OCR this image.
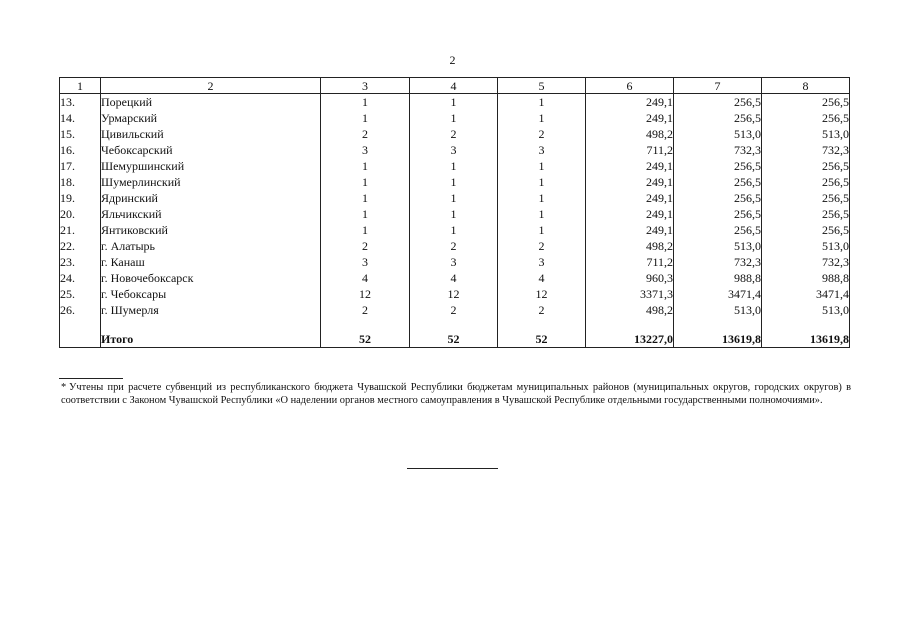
2
1	2	3	4	5	6	7	8
13.	Порецкий	1	1	1	249,1	256,5	256,5
14.	Урмарский	1	1	1	249,1	256,5	256,5
15.	Цивильский	2	2	2	498,2	513,0	513,0
16.	Чебоксарский	3	3	3	711,2	732,3	732,3
17.	Шемуршинский	1	1	1	249,1	256,5	256,5
18.	Шумерлинский	1	1	1	249,1	256,5	256,5
19.	Ядринский	1	1	1	249,1	256,5	256,5
20.	Яльчикский	1	1	1	249,1	256,5	256,5
21.	Янтиковский	1	1	1	249,1	256,5	256,5
22.	г. Алатырь	2	2	2	498,2	513,0	513,0
23.	г. Канаш	3	3	3	711,2	732,3	732,3
24.	г. Новочебоксарск	4	4	4	960,3	988,8	988,8
25.	г. Чебоксары	12	12	12	3371,3	3471,4	3471,4
26.	г. Шумерля	2	2	2	498,2	513,0	513,0

	Итого	52	52	52	13227,0	13619,8	13619,8
* Учтены при расчете субвенций из республиканского бюджета Чувашской Республики бюджетам муниципальных районов (муниципальных округов, городских округов) в соответствии с Законом Чувашской Республики «О наделении органов местного самоуправления в Чувашской Республике отдельными государственными полномочиями».
